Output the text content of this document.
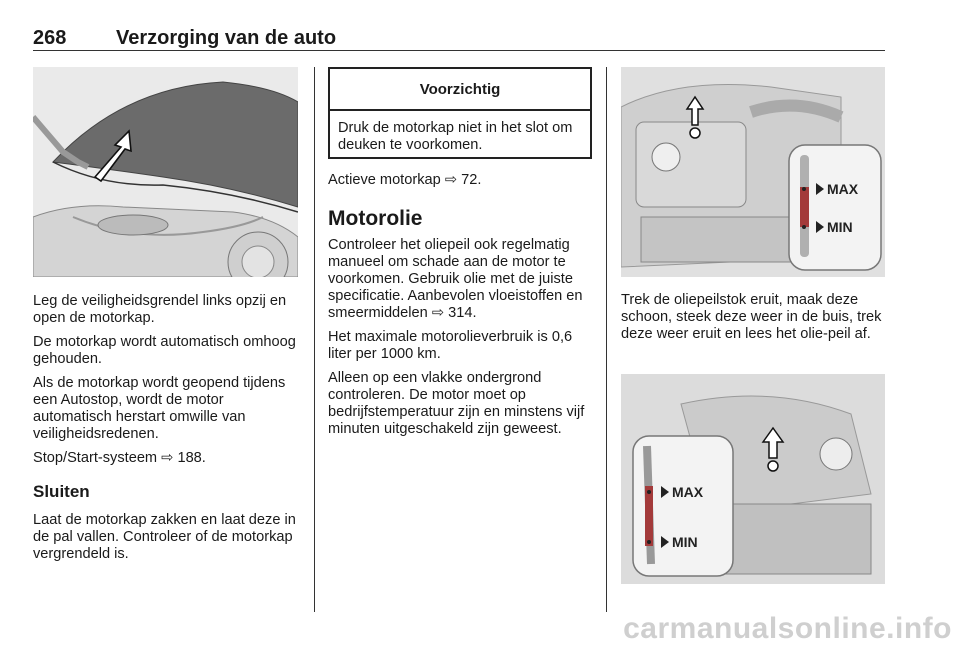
268 Verzorging van de auto

Leg de veiligheidsgrendel links opzij en open de motorkap.

De motorkap wordt automatisch omhoog gehouden.

Als de motorkap wordt geopend tijdens een Autostop, wordt de motor automatisch herstart omwille van veiligheidsredenen.

Stop/Start-systeem ⇨ 188.

Sluiten
Laat de motorkap zakken en laat deze in de pal vallen. Controleer of de motorkap vergrendeld is.
Voorzichtig
Druk de motorkap niet in het slot om deuken te voorkomen.
Actieve motorkap ⇨ 72.
Motorolie

Controleer het oliepeil ook regelmatig manueel om schade aan de motor te voorkomen. Gebruik olie met de juiste specificatie. Aanbevolen vloeistoffen en smeermiddelen ⇨ 314.

Het maximale motorolieverbruik is 0,6 liter per 1000 km.

Alleen op een vlakke ondergrond controleren. De motor moet op bedrijfstemperatuur zijn en minstens vijf minuten uitgeschakeld zijn geweest.

MAX
MIN
Trek de oliepeilstok eruit, maak deze schoon, steek deze weer in de buis, trek deze weer eruit en lees het olie-peil af.
MAX
MIN
carmanualsonline.info
